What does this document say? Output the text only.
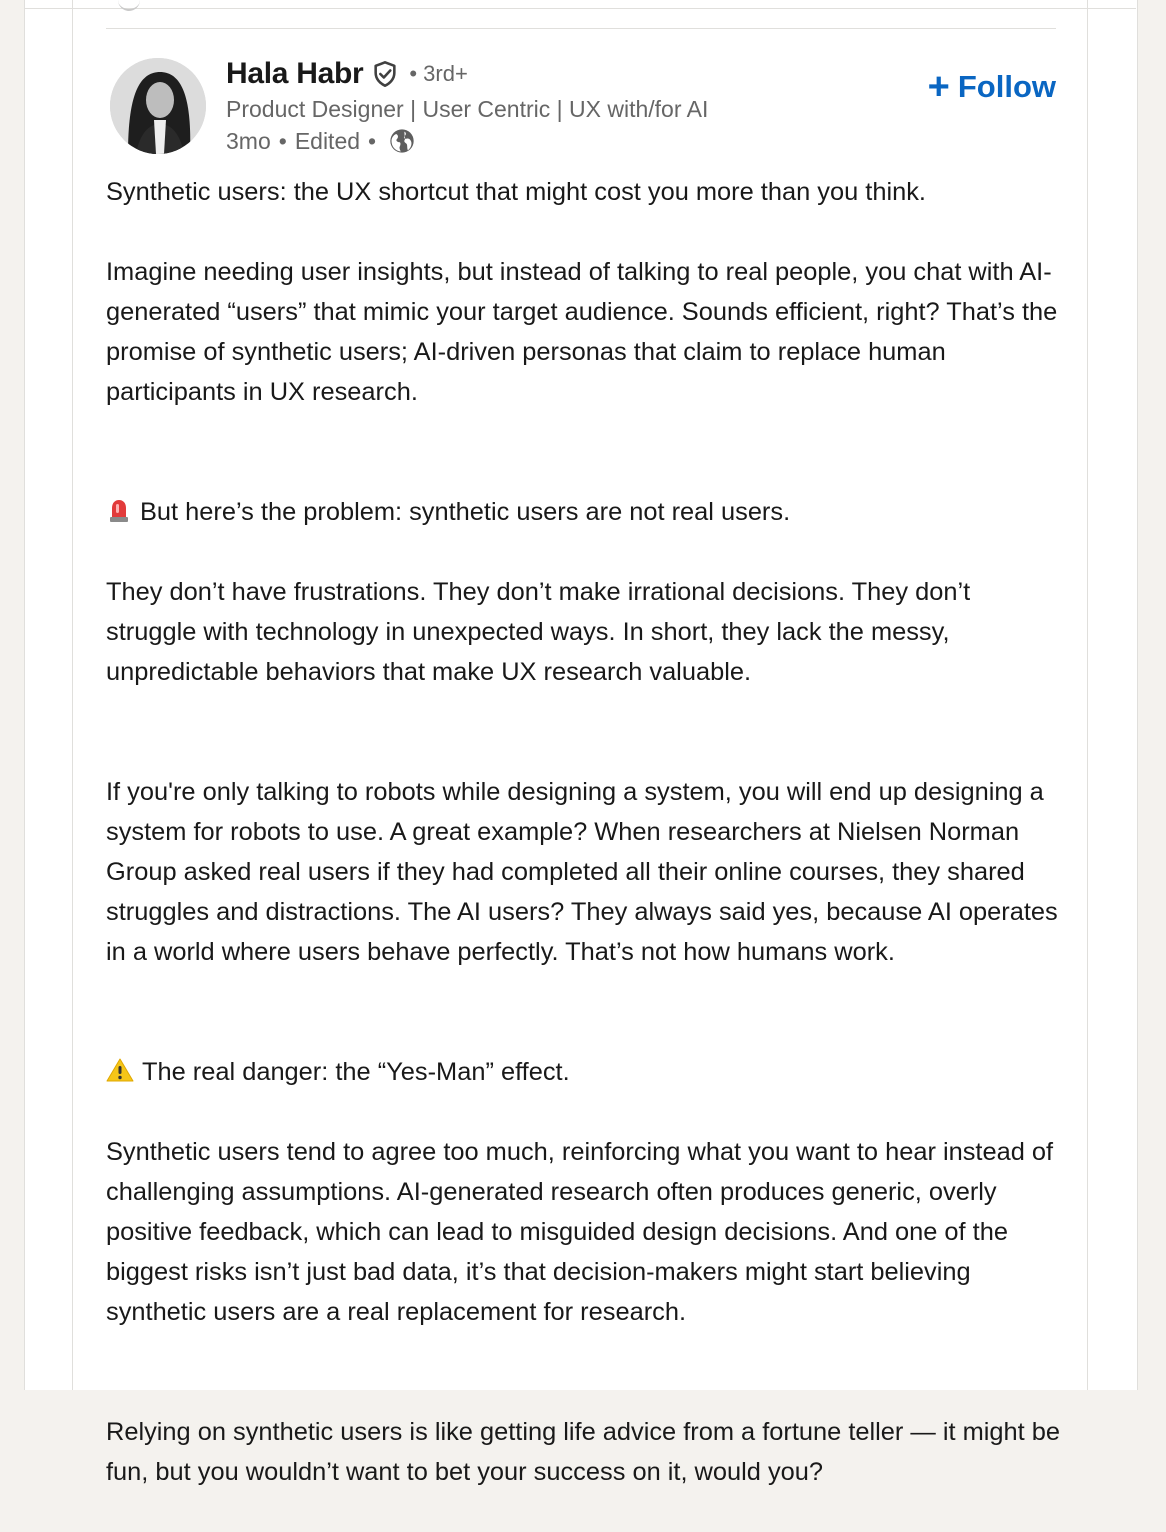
Hala Habr • 3rd+
Product Designer | User Centric | UX with/for AI
3mo • Edited •
+ Follow

Synthetic users: the UX shortcut that might cost you more than you think.

Imagine needing user insights, but instead of talking to real people, you chat with AI-generated “users” that mimic your target audience. Sounds efficient, right? That’s the promise of synthetic users; AI-driven personas that claim to replace human participants in UX research.

But here’s the problem: synthetic users are not real users.

They don’t have frustrations. They don’t make irrational decisions. They don’t struggle with technology in unexpected ways. In short, they lack the messy, unpredictable behaviors that make UX research valuable.

If you're only talking to robots while designing a system, you will end up designing a system for robots to use. A great example? When researchers at Nielsen Norman Group asked real users if they had completed all their online courses, they shared struggles and distractions. The AI users? They always said yes, because AI operates in a world where users behave perfectly. That’s not how humans work.

The real danger: the “Yes-Man” effect.

Synthetic users tend to agree too much, reinforcing what you want to hear instead of challenging assumptions. AI-generated research often produces generic, overly positive feedback, which can lead to misguided design decisions. And one of the biggest risks isn’t just bad data, it’s that decision-makers might start believing synthetic users are a real replacement for research.

Relying on synthetic users is like getting life advice from a fortune teller — it might be fun, but you wouldn’t want to bet your success on it, would you?
